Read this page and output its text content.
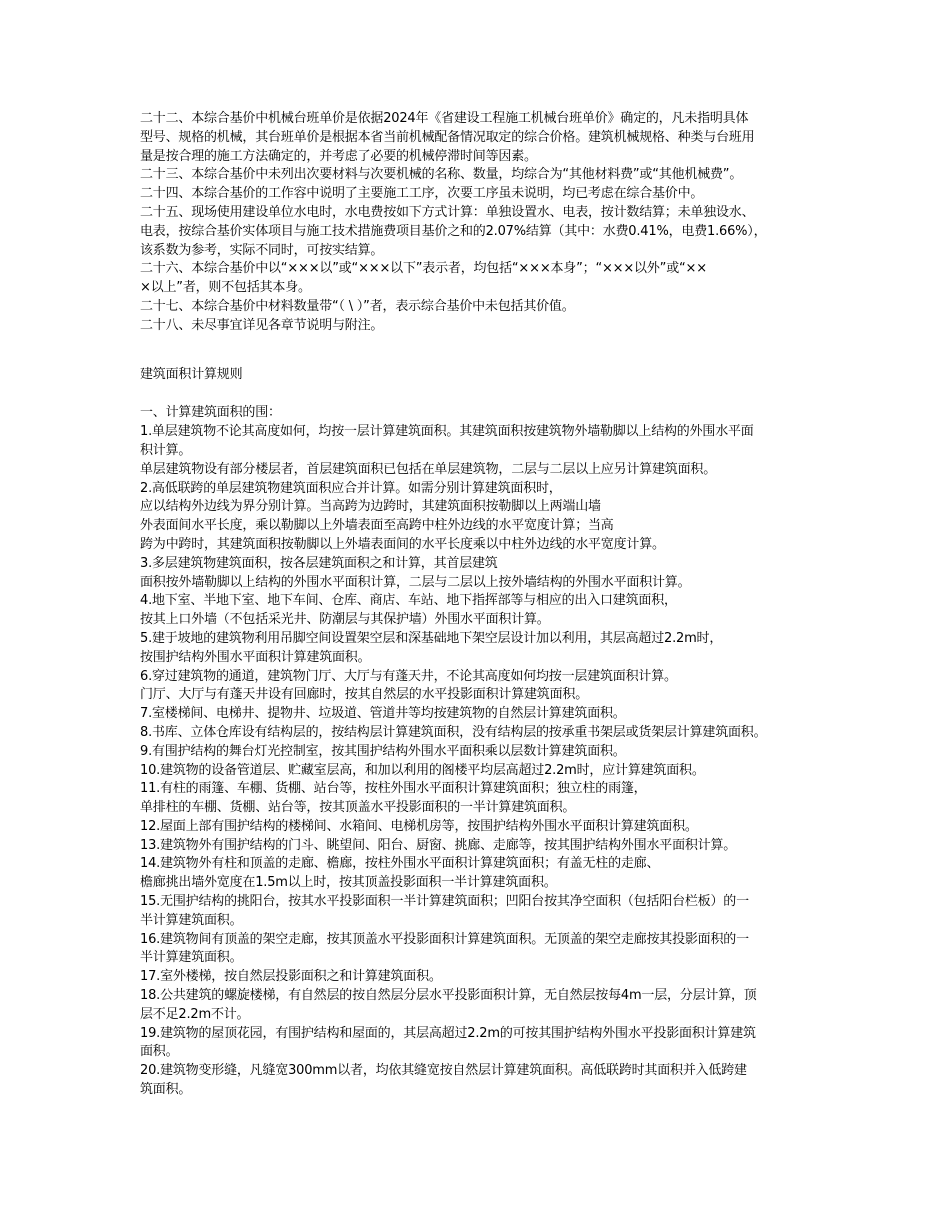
二十二、本综合基价中机械台班单价是依据2024年《省建设工程施工机械台班单价》确定的，凡未指明具体
型号、规格的机械，其台班单价是根据本省当前机械配备情况取定的综合价格。建筑机械规格、种类与台班用
量是按合理的施工方法确定的，并考虑了必要的机械停滞时间等因素。
二十三、本综合基价中未列出次要材料与次要机械的名称、数量，均综合为“其他材料费”或“其他机械费”。
二十四、本综合基价的工作容中说明了主要施工工序，次要工序虽未说明，均已考虑在综合基价中。
二十五、现场使用建设单位水电时，水电费按如下方式计算：单独设置水、电表，按计数结算；未单独设水、
电表，按综合基价实体项目与施工技术措施费项目基价之和的2.07%结算（其中：水费0.41%，电费1.66%），
该系数为参考，实际不同时，可按实结算。
二十六、本综合基价中以“×××以”或“×××以下”表示者，均包括“×××本身”；“×××以外”或“××
×以上”者，则不包括其本身。
二十七、本综合基价中材料数量带“（ \ ）”者，表示综合基价中未包括其价值。
二十八、未尽事宜详见各章节说明与附注。
建筑面积计算规则
一、计算建筑面积的围：
1.单层建筑物不论其高度如何，均按一层计算建筑面积。其建筑面积按建筑物外墙勒脚以上结构的外围水平面
积计算。
单层建筑物设有部分楼层者，首层建筑面积已包括在单层建筑物，二层与二层以上应另计算建筑面积。
2.高低联跨的单层建筑物建筑面积应合并计算。如需分别计算建筑面积时，
应以结构外边线为界分别计算。当高跨为边跨时，其建筑面积按勒脚以上两端山墙
外表面间水平长度，乘以勒脚以上外墙表面至高跨中柱外边线的水平宽度计算；当高
跨为中跨时，其建筑面积按勒脚以上外墙表面间的水平长度乘以中柱外边线的水平宽度计算。
3.多层建筑物建筑面积，按各层建筑面积之和计算，其首层建筑
面积按外墙勒脚以上结构的外围水平面积计算，二层与二层以上按外墙结构的外围水平面积计算。
4.地下室、半地下室、地下车间、仓库、商店、车站、地下指挥部等与相应的出入口建筑面积，
按其上口外墙（不包括采光井、防潮层与其保护墙）外围水平面积计算。
5.建于坡地的建筑物利用吊脚空间设置架空层和深基础地下架空层设计加以利用，其层高超过2.2m时，
按围护结构外围水平面积计算建筑面积。
6.穿过建筑物的通道，建筑物门厅、大厅与有蓬天井，不论其高度如何均按一层建筑面积计算。
门厅、大厅与有蓬天井设有回廊时，按其自然层的水平投影面积计算建筑面积。
7.室楼梯间、电梯井、提物井、垃圾道、管道井等均按建筑物的自然层计算建筑面积。
8.书库、立体仓库设有结构层的，按结构层计算建筑面积，没有结构层的按承重书架层或货架层计算建筑面积。
9.有围护结构的舞台灯光控制室，按其围护结构外围水平面积乘以层数计算建筑面积。
10.建筑物的设备管道层、贮藏室层高，和加以利用的阁楼平均层高超过2.2m时，应计算建筑面积。
11.有柱的雨篷、车棚、货棚、站台等，按柱外围水平面积计算建筑面积；独立柱的雨篷，
单排柱的车棚、货棚、站台等，按其顶盖水平投影面积的一半计算建筑面积。
12.屋面上部有围护结构的楼梯间、水箱间、电梯机房等，按围护结构外围水平面积计算建筑面积。
13.建筑物外有围护结构的门斗、眺望间、阳台、厨窗、挑廊、走廊等，按其围护结构外围水平面积计算。
14.建筑物外有柱和顶盖的走廊、檐廊，按柱外围水平面积计算建筑面积；有盖无柱的走廊、
檐廊挑出墙外宽度在1.5m以上时，按其顶盖投影面积一半计算建筑面积。
15.无围护结构的挑阳台，按其水平投影面积一半计算建筑面积；凹阳台按其净空面积（包括阳台栏板）的一
半计算建筑面积。
16.建筑物间有顶盖的架空走廊，按其顶盖水平投影面积计算建筑面积。无顶盖的架空走廊按其投影面积的一
半计算建筑面积。
17.室外楼梯，按自然层投影面积之和计算建筑面积。
18.公共建筑的螺旋楼梯，有自然层的按自然层分层水平投影面积计算，无自然层按每4m一层，分层计算，顶
层不足2.2m不计。
19.建筑物的屋顶花园，有围护结构和屋面的，其层高超过2.2m的可按其围护结构外围水平投影面积计算建筑
面积。
20.建筑物变形缝，凡缝宽300mm以者，均依其缝宽按自然层计算建筑面积。高低联跨时其面积并入低跨建
筑面积。
